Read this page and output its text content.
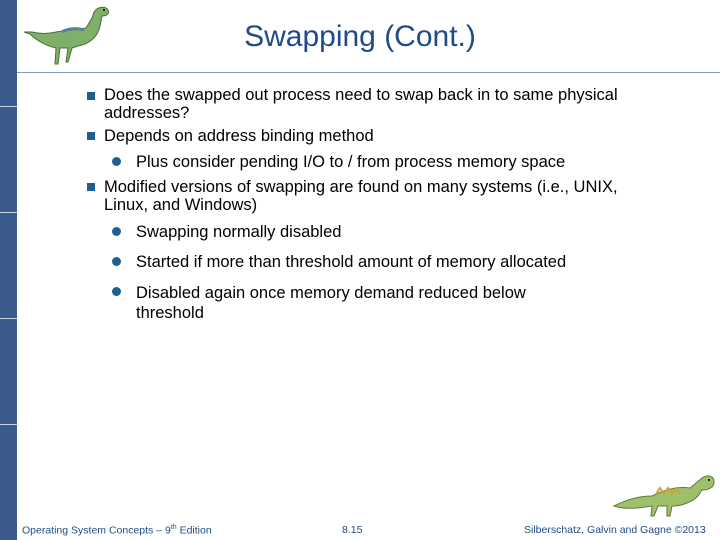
Swapping (Cont.)
Does the swapped out process need to swap back in to same physical addresses?
Depends on address binding method
Plus consider pending I/O to / from process memory space
Modified versions of swapping are found on many systems (i.e., UNIX, Linux, and Windows)
Swapping normally disabled
Started if more than threshold amount of memory allocated
Disabled again once memory demand reduced below threshold
Operating System Concepts – 9th Edition	8.15	Silberschatz, Galvin and Gagne ©2013
